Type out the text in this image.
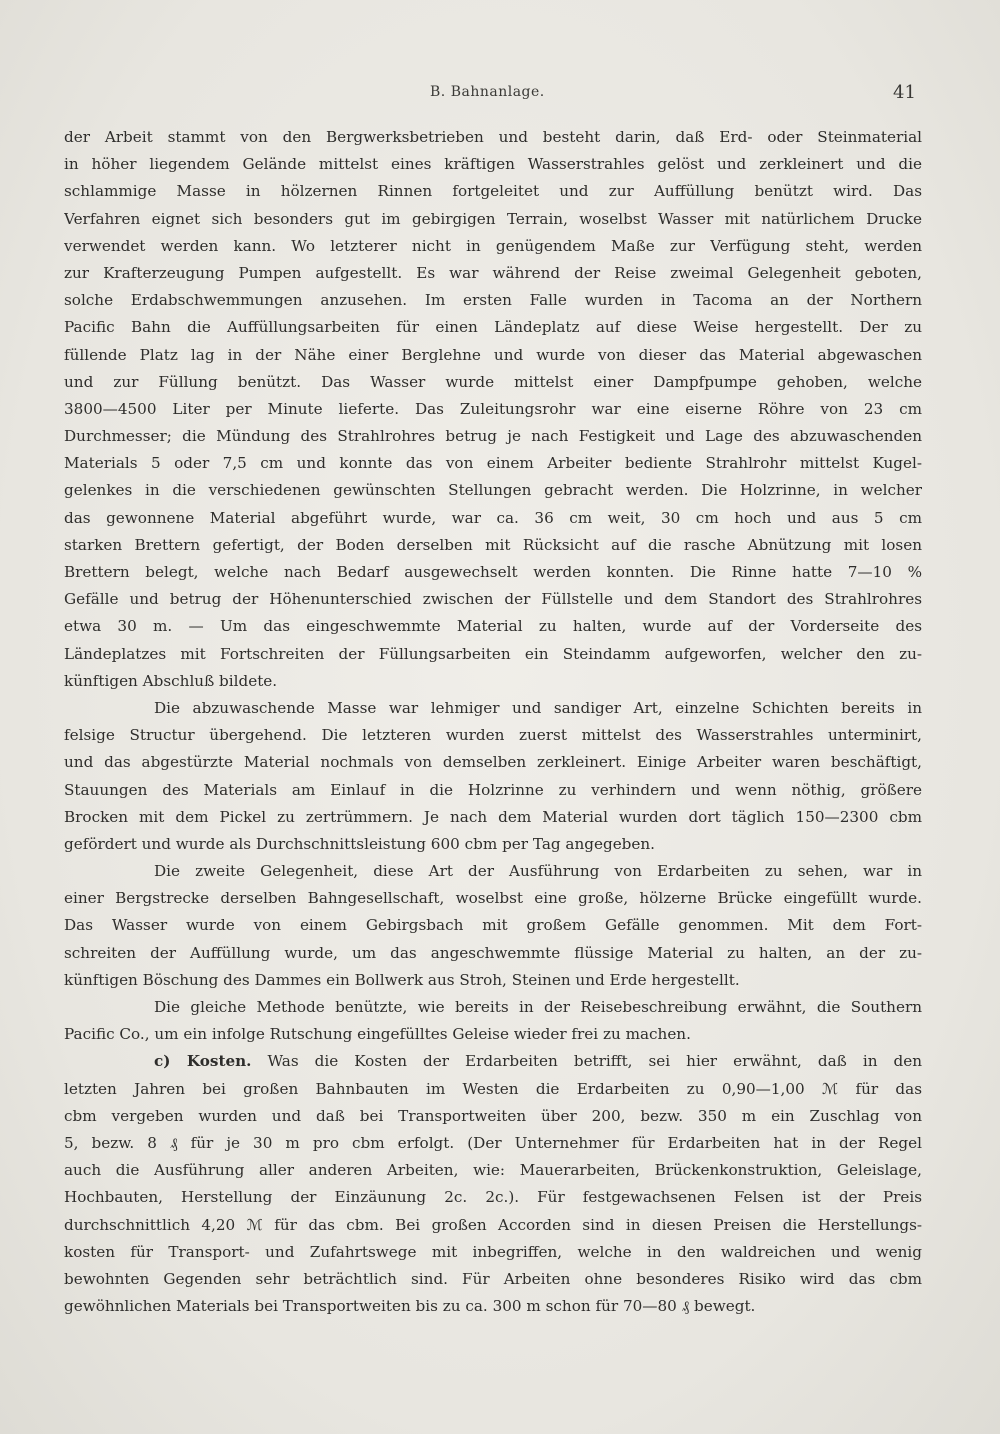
B. Bahnanlage.	41
der Arbeit stammt von den Bergwerksbetrieben und besteht darin, daß Erd- oder Steinmaterial
in höher liegendem Gelände mittelst eines kräftigen Wasserstrahles gelöst und zerkleinert und die
schlammige Masse in hölzernen Rinnen fortgeleitet und zur Auffüllung benützt wird. Das
Verfahren eignet sich besonders gut im gebirgigen Terrain, woselbst Wasser mit natürlichem Drucke
verwendet werden kann. Wo letzterer nicht in genügendem Maße zur Verfügung steht, werden
zur Krafterzeugung Pumpen aufgestellt. Es war während der Reise zweimal Gelegenheit geboten,
solche Erdabschwemmungen anzusehen. Im ersten Falle wurden in Tacoma an der Northern
Pacific Bahn die Auffüllungsarbeiten für einen Ländeplatz auf diese Weise hergestellt. Der zu
füllende Platz lag in der Nähe einer Berglehne und wurde von dieser das Material abgewaschen
und zur Füllung benützt. Das Wasser wurde mittelst einer Dampfpumpe gehoben, welche
3800—4500 Liter per Minute lieferte. Das Zuleitungsrohr war eine eiserne Röhre von 23 cm
Durchmesser; die Mündung des Strahlrohres betrug je nach Festigkeit und Lage des abzuwaschenden
Materials 5 oder 7,5 cm und konnte das von einem Arbeiter bediente Strahlrohr mittelst Kugel-
gelenkes in die verschiedenen gewünschten Stellungen gebracht werden. Die Holzrinne, in welcher
das gewonnene Material abgeführt wurde, war ca. 36 cm weit, 30 cm hoch und aus 5 cm
starken Brettern gefertigt, der Boden derselben mit Rücksicht auf die rasche Abnützung mit losen
Brettern belegt, welche nach Bedarf ausgewechselt werden konnten. Die Rinne hatte 7—10 %
Gefälle und betrug der Höhenunterschied zwischen der Füllstelle und dem Standort des Strahlrohres
etwa 30 m. — Um das eingeschwemmte Material zu halten, wurde auf der Vorderseite des
Ländeplatzes mit Fortschreiten der Füllungsarbeiten ein Steindamm aufgeworfen, welcher den zu-
künftigen Abschluß bildete.
Die abzuwaschende Masse war lehmiger und sandiger Art, einzelne Schichten bereits in
felsige Structur übergehend. Die letzteren wurden zuerst mittelst des Wasserstrahles unterminirt,
und das abgestürzte Material nochmals von demselben zerkleinert. Einige Arbeiter waren beschäftigt,
Stauungen des Materials am Einlauf in die Holzrinne zu verhindern und wenn nöthig, größere
Brocken mit dem Pickel zu zertrümmern. Je nach dem Material wurden dort täglich 150—2300 cbm
gefördert und wurde als Durchschnittsleistung 600 cbm per Tag angegeben.
Die zweite Gelegenheit, diese Art der Ausführung von Erdarbeiten zu sehen, war in
einer Bergstrecke derselben Bahngesellschaft, woselbst eine große, hölzerne Brücke eingefüllt wurde.
Das Wasser wurde von einem Gebirgsbach mit großem Gefälle genommen. Mit dem Fort-
schreiten der Auffüllung wurde, um das angeschwemmte flüssige Material zu halten, an der zu-
künftigen Böschung des Dammes ein Bollwerk aus Stroh, Steinen und Erde hergestellt.
Die gleiche Methode benützte, wie bereits in der Reisebeschreibung erwähnt, die Southern
Pacific Co., um ein infolge Rutschung eingefülltes Geleise wieder frei zu machen.
c) Kosten. Was die Kosten der Erdarbeiten betrifft, sei hier erwähnt, daß in den
letzten Jahren bei großen Bahnbauten im Westen die Erdarbeiten zu 0,90—1,00 ℳ für das
cbm vergeben wurden und daß bei Transportweiten über 200, bezw. 350 m ein Zuschlag von
5, bezw. 8 ₰ für je 30 m pro cbm erfolgt. (Der Unternehmer für Erdarbeiten hat in der Regel
auch die Ausführung aller anderen Arbeiten, wie: Mauerarbeiten, Brückenkonstruktion, Geleislage,
Hochbauten, Herstellung der Einzäunung 2c. 2c.). Für festgewachsenen Felsen ist der Preis
durchschnittlich 4,20 ℳ für das cbm. Bei großen Accorden sind in diesen Preisen die Herstellungs-
kosten für Transport- und Zufahrtswege mit inbegriffen, welche in den waldreichen und wenig
bewohnten Gegenden sehr beträchtlich sind. Für Arbeiten ohne besonderes Risiko wird das cbm
gewöhnlichen Materials bei Transportweiten bis zu ca. 300 m schon für 70—80 ₰ bewegt.
